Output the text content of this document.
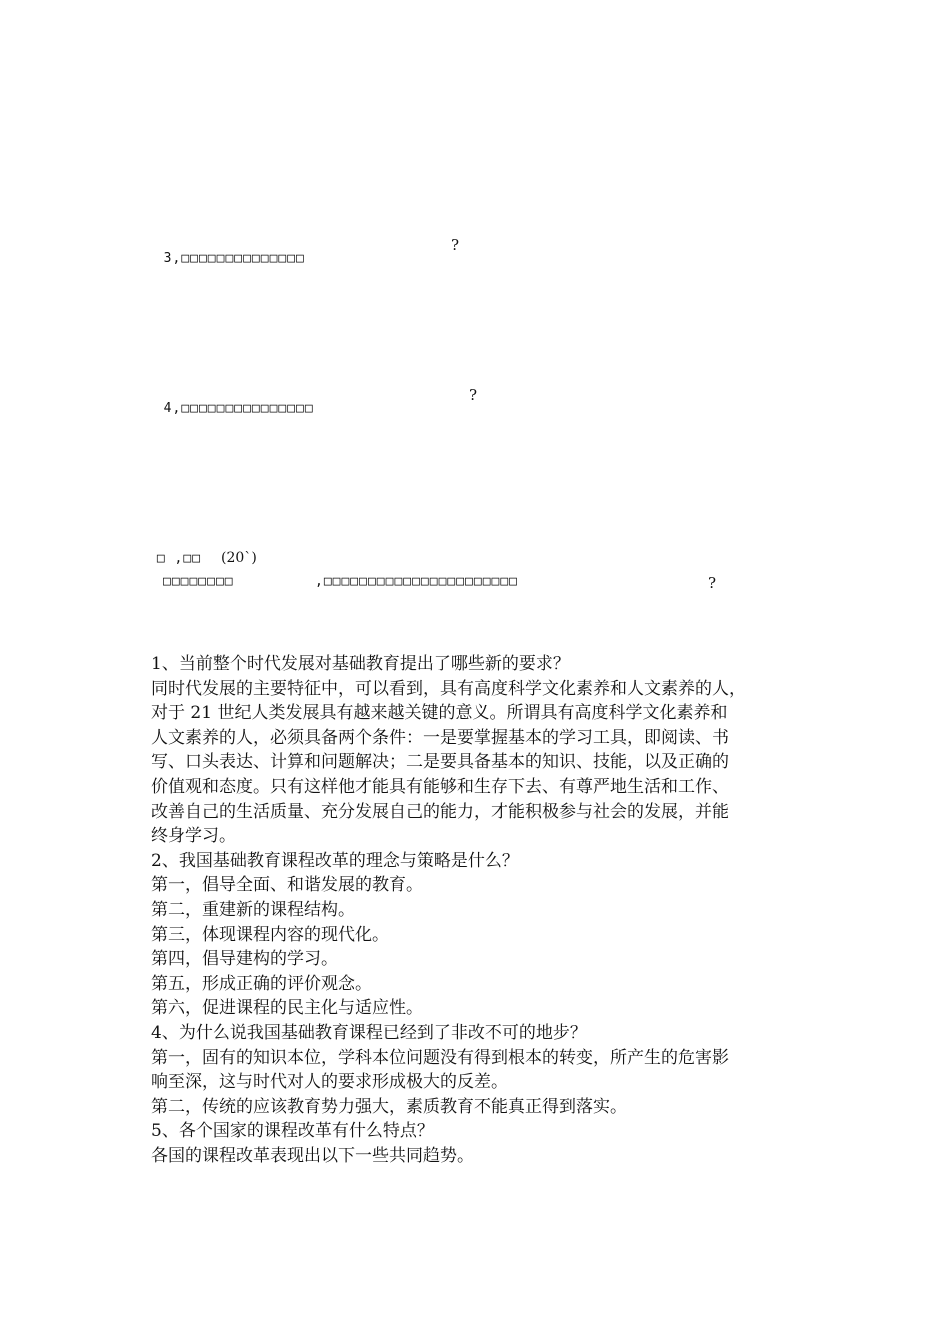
3,□□□□□□□□□□□□□□

?

4,□□□□□□□□□□□□□□□

?

□ ,□□ (20`)

□□□□□□□□	,□□□□□□□□□□□□□□□□□□□□□□	?
1、当前整个时代发展对基础教育提出了哪些新的要求？
同时代发展的主要特征中，可以看到，具有高度科学文化素养和人文素养的人，
对于 21 世纪人类发展具有越来越关键的意义。所谓具有高度科学文化素养和
人文素养的人，必须具备两个条件：一是要掌握基本的学习工具，即阅读、书
写、口头表达、计算和问题解决；二是要具备基本的知识、技能，以及正确的
价值观和态度。只有这样他才能具有能够和生存下去、有尊严地生活和工作、
改善自己的生活质量、充分发展自己的能力，才能积极参与社会的发展，并能
终身学习。
2、我国基础教育课程改革的理念与策略是什么？
第一，倡导全面、和谐发展的教育。
第二，重建新的课程结构。
第三，体现课程内容的现代化。
第四，倡导建构的学习。
第五，形成正确的评价观念。
第六，促进课程的民主化与适应性。
4、为什么说我国基础教育课程已经到了非改不可的地步？
第一，固有的知识本位，学科本位问题没有得到根本的转变，所产生的危害影
响至深，这与时代对人的要求形成极大的反差。
第二，传统的应该教育势力强大，素质教育不能真正得到落实。
5、各个国家的课程改革有什么特点？
各国的课程改革表现出以下一些共同趋势。
